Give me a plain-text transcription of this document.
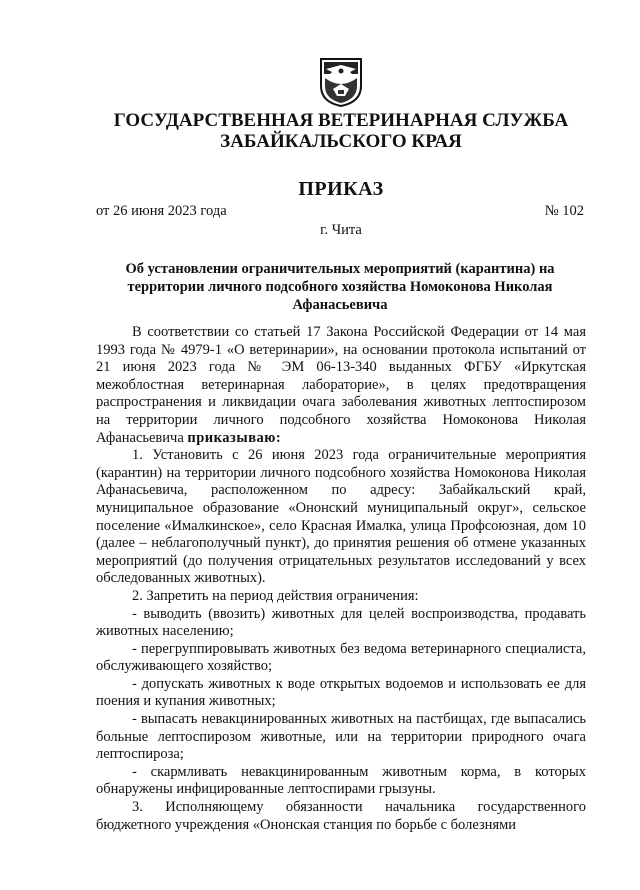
ГОСУДАРСТВЕННАЯ ВЕТЕРИНАРНАЯ СЛУЖБА
ЗАБАЙКАЛЬСКОГО КРАЯ
ПРИКАЗ
от 26 июня 2023 года	№ 102
г. Чита
Об установлении ограничительных мероприятий (карантина) на территории личного подсобного хозяйства Номоконова Николая Афанасьевича

В соответствии со статьей 17 Закона Российской Федерации от 14 мая 1993 года № 4979-1 «О ветеринарии», на основании протокола испытаний от 21 июня 2023 года № ЭМ 06-13-340 выданных ФГБУ «Иркутская межоблостная ветеринарная лабораторие», в целях предотвращения распространения и ликвидации очага заболевания животных лептоспирозом на территории личного подсобного хозяйства Номоконова Николая Афанасьевича приказываю:

1. Установить с 26 июня 2023 года ограничительные мероприятия (карантин) на территории личного подсобного хозяйства Номоконова Николая Афанасьевича, расположенном по адресу: Забайкальский край, муниципальное образование «Ононский муниципальный округ», сельское поселение «Ималкинское», село Красная Ималка, улица Профсоюзная, дом 10 (далее – неблагополучный пункт), до принятия решения об отмене указанных мероприятий (до получения отрицательных результатов исследований у всех обследованных животных).

2. Запретить на период действия ограничения:

- выводить (ввозить) животных для целей воспроизводства, продавать животных населению;

- перегруппировывать животных без ведома ветеринарного специалиста, обслуживающего хозяйство;

- допускать животных к воде открытых водоемов и использовать ее для поения и купания животных;

- выпасать невакцинированных животных на пастбищах, где выпасались больные лептоспирозом животные, или на территории природного очага лептоспироза;

- скармливать невакцинированным животным корма, в которых обнаружены инфицированные лептоспирами грызуны.

3. Исполняющему обязанности начальника государственного бюджетного учреждения «Ононская станция по борьбе с болезнями
